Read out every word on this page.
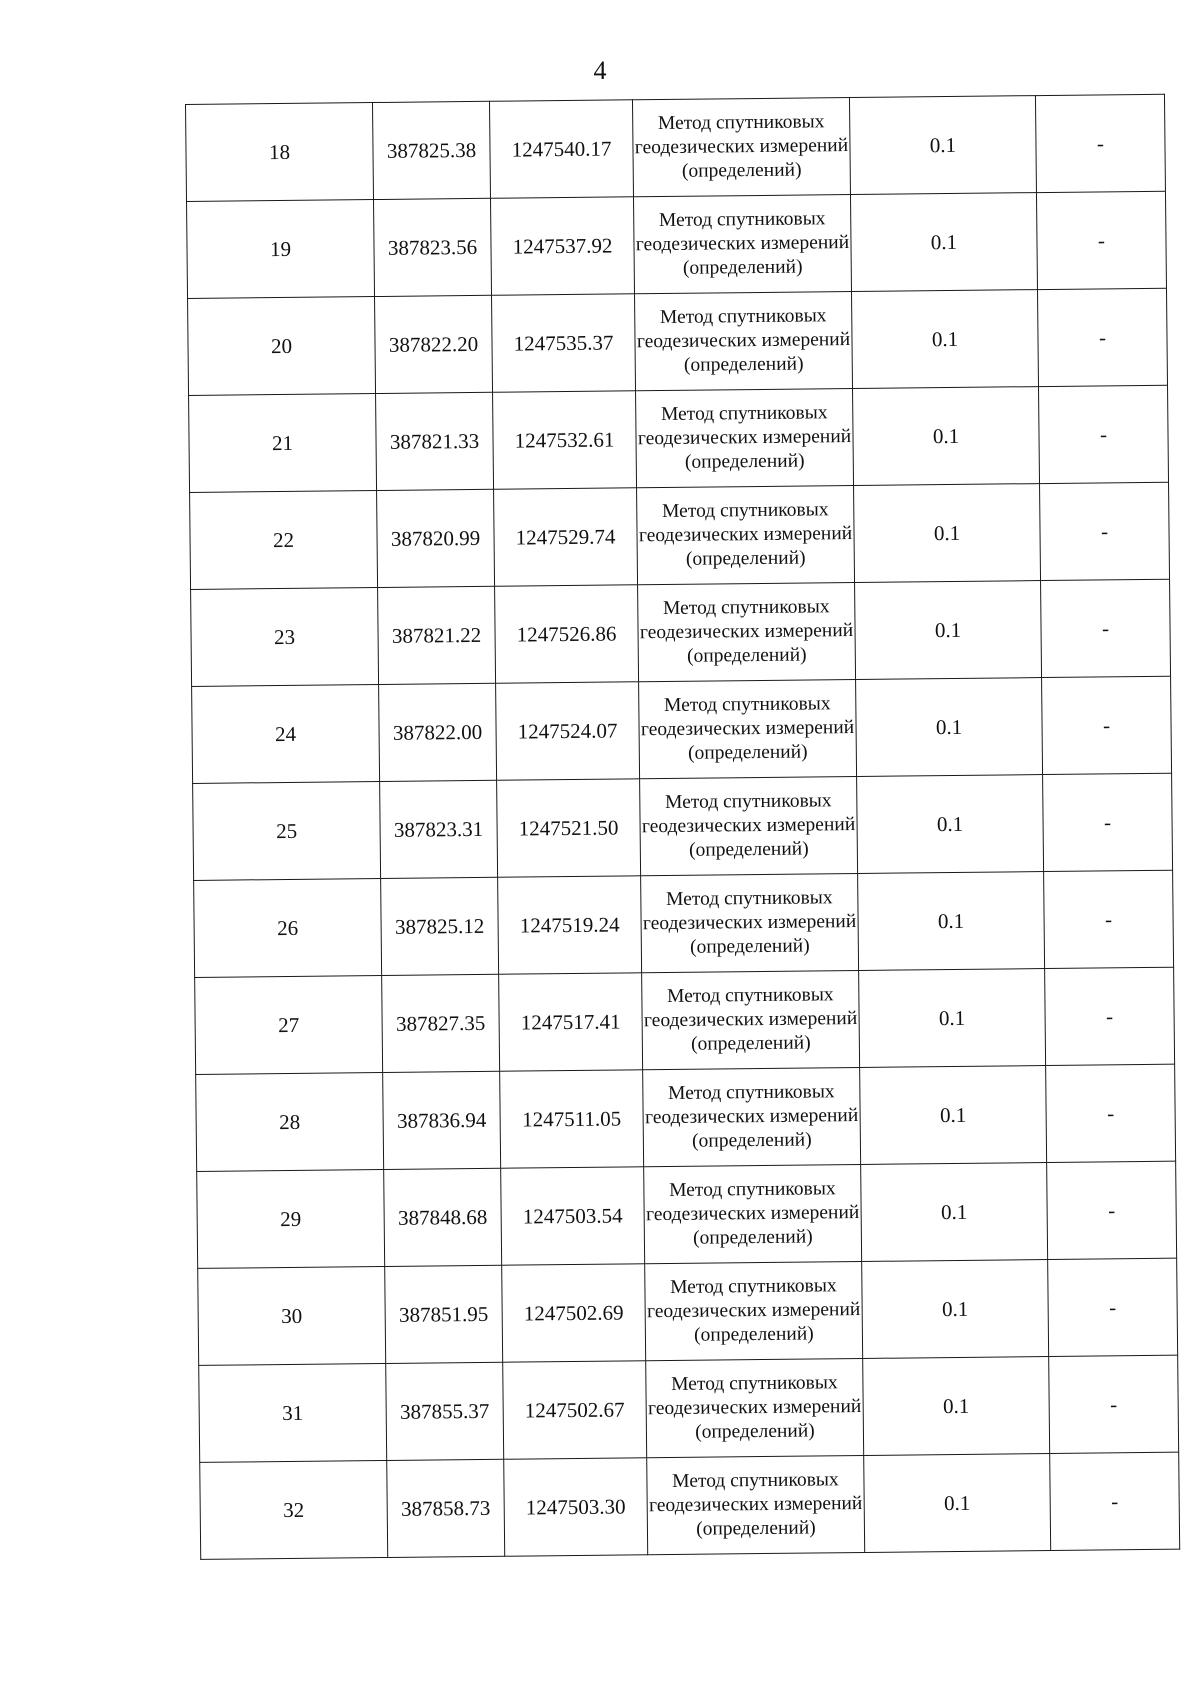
4
18	387825.38	1247540.17	Метод спутниковых геодезических измерений (определений)	0.1	-
19	387823.56	1247537.92	Метод спутниковых геодезических измерений (определений)	0.1	-
20	387822.20	1247535.37	Метод спутниковых геодезических измерений (определений)	0.1	-
21	387821.33	1247532.61	Метод спутниковых геодезических измерений (определений)	0.1	-
22	387820.99	1247529.74	Метод спутниковых геодезических измерений (определений)	0.1	-
23	387821.22	1247526.86	Метод спутниковых геодезических измерений (определений)	0.1	-
24	387822.00	1247524.07	Метод спутниковых геодезических измерений (определений)	0.1	-
25	387823.31	1247521.50	Метод спутниковых геодезических измерений (определений)	0.1	-
26	387825.12	1247519.24	Метод спутниковых геодезических измерений (определений)	0.1	-
27	387827.35	1247517.41	Метод спутниковых геодезических измерений (определений)	0.1	-
28	387836.94	1247511.05	Метод спутниковых геодезических измерений (определений)	0.1	-
29	387848.68	1247503.54	Метод спутниковых геодезических измерений (определений)	0.1	-
30	387851.95	1247502.69	Метод спутниковых геодезических измерений (определений)	0.1	-
31	387855.37	1247502.67	Метод спутниковых геодезических измерений (определений)	0.1	-
32	387858.73	1247503.30	Метод спутниковых геодезических измерений (определений)	0.1	-
